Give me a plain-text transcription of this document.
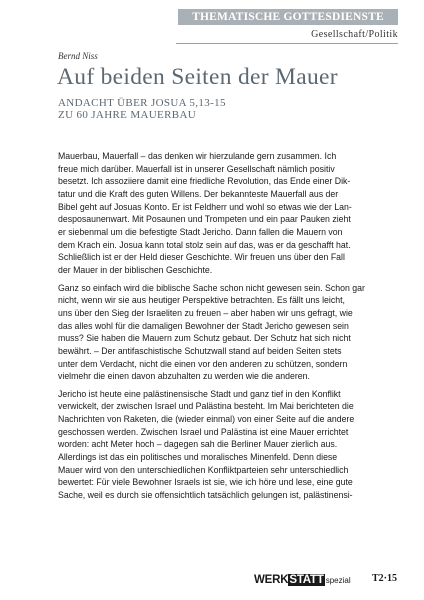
THEMATISCHE GOTTESDIENSTE
Gesellschaft/Politik
Bernd Niss
Auf beiden Seiten der Mauer
ANDACHT ÜBER JOSUA 5,13-15
ZU 60 JAHRE MAUERBAU
Mauerbau, Mauerfall – das denken wir hierzulande gern zusammen. Ich
freue mich darüber. Mauerfall ist in unserer Gesellschaft nämlich positiv
besetzt. Ich assoziiere damit eine friedliche Revolution, das Ende einer Dik-
tatur und die Kraft des guten Willens. Der bekannteste Mauerfall aus der
Bibel geht auf Josuas Konto. Er ist Feldherr und wohl so etwas wie der Lan-
desposaunenwart. Mit Posaunen und Trompeten und ein paar Pauken zieht
er siebenmal um die befestigte Stadt Jericho. Dann fallen die Mauern von
dem Krach ein. Josua kann total stolz sein auf das, was er da geschafft hat.
Schließlich ist er der Held dieser Geschichte. Wir freuen uns über den Fall
der Mauer in der biblischen Geschichte.
Ganz so einfach wird die biblische Sache schon nicht gewesen sein. Schon gar
nicht, wenn wir sie aus heutiger Perspektive betrachten. Es fällt uns leicht,
uns über den Sieg der Israeliten zu freuen – aber haben wir uns gefragt, wie
das alles wohl für die damaligen Bewohner der Stadt Jericho gewesen sein
muss? Sie haben die Mauern zum Schutz gebaut. Der Schutz hat sich nicht
bewährt. – Der antifaschistische Schutzwall stand auf beiden Seiten stets
unter dem Verdacht, nicht die einen vor den anderen zu schützen, sondern
vielmehr die einen davon abzuhalten zu werden wie die anderen.
Jericho ist heute eine palästinensische Stadt und ganz tief in den Konflikt
verwickelt, der zwischen Israel und Palästina besteht. Im Mai berichteten die
Nachrichten von Raketen, die (wieder einmal) von einer Seite auf die andere
geschossen werden. Zwischen Israel und Palästina ist eine Mauer errichtet
worden: acht Meter hoch – dagegen sah die Berliner Mauer zierlich aus.
Allerdings ist das ein politisches und moralisches Minenfeld. Denn diese
Mauer wird von den unterschiedlichen Konfliktparteien sehr unterschiedlich
bewertet: Für viele Bewohner Israels ist sie, wie ich höre und lese, eine gute
Sache, weil es durch sie offensichtlich tatsächlich gelungen ist, palästinensi-
WERKSTATT spezial T2·15
